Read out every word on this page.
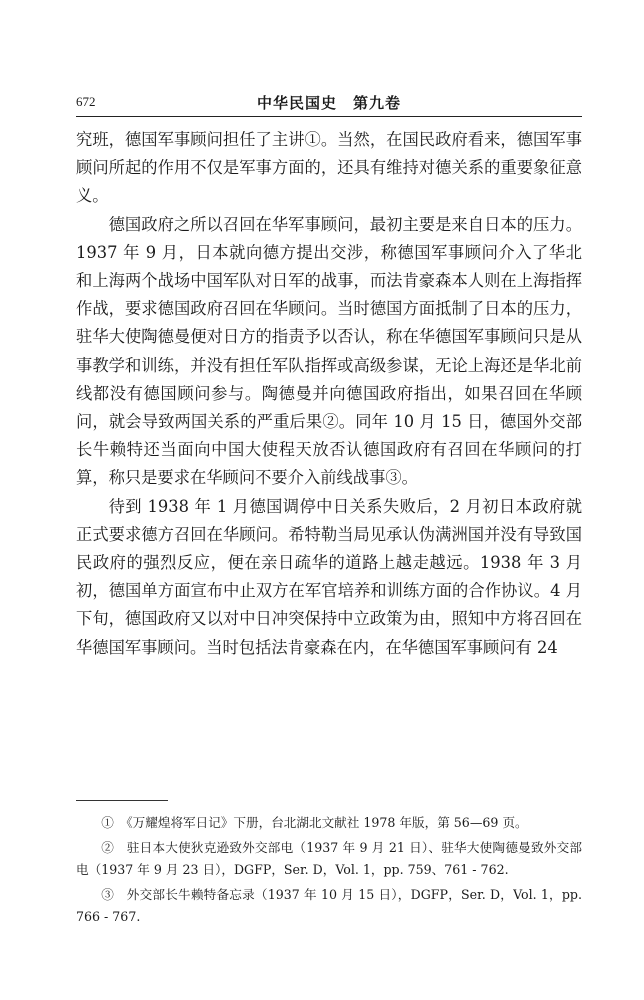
672	中华民国史　第九卷

究班，德国军事顾问担任了主讲①。当然，在国民政府看来，德国军事顾问所起的作用不仅是军事方面的，还具有维持对德关系的重要象征意义。

德国政府之所以召回在华军事顾问，最初主要是来自日本的压力。1937 年 9 月，日本就向德方提出交涉，称德国军事顾问介入了华北和上海两个战场中国军队对日军的战事，而法肯豪森本人则在上海指挥作战，要求德国政府召回在华顾问。当时德国方面抵制了日本的压力，驻华大使陶德曼便对日方的指责予以否认，称在华德国军事顾问只是从事教学和训练，并没有担任军队指挥或高级参谋，无论上海还是华北前线都没有德国顾问参与。陶德曼并向德国政府指出，如果召回在华顾问，就会导致两国关系的严重后果②。同年 10 月 15 日，德国外交部长牛赖特还当面向中国大使程天放否认德国政府有召回在华顾问的打算，称只是要求在华顾问不要介入前线战事③。

待到 1938 年 1 月德国调停中日关系失败后，2 月初日本政府就正式要求德方召回在华顾问。希特勒当局见承认伪满洲国并没有导致国民政府的强烈反应，便在亲日疏华的道路上越走越远。1938 年 3 月初，德国单方面宣布中止双方在军官培养和训练方面的合作协议。4 月下旬，德国政府又以对中日冲突保持中立政策为由，照知中方将召回在华德国军事顾问。当时包括法肯豪森在内，在华德国军事顾问有 24

①　《万耀煌将军日记》下册，台北湖北文献社 1978 年版，第 56—69 页。

②　驻日本大使狄克逊致外交部电（1937 年 9 月 21 日）、驻华大使陶德曼致外交部电（1937 年 9 月 23 日），DGFP，Ser. D，Vol. 1，pp. 759、761 - 762.

③　外交部长牛赖特备忘录（1937 年 10 月 15 日），DGFP，Ser. D，Vol. 1，pp. 766 - 767.
